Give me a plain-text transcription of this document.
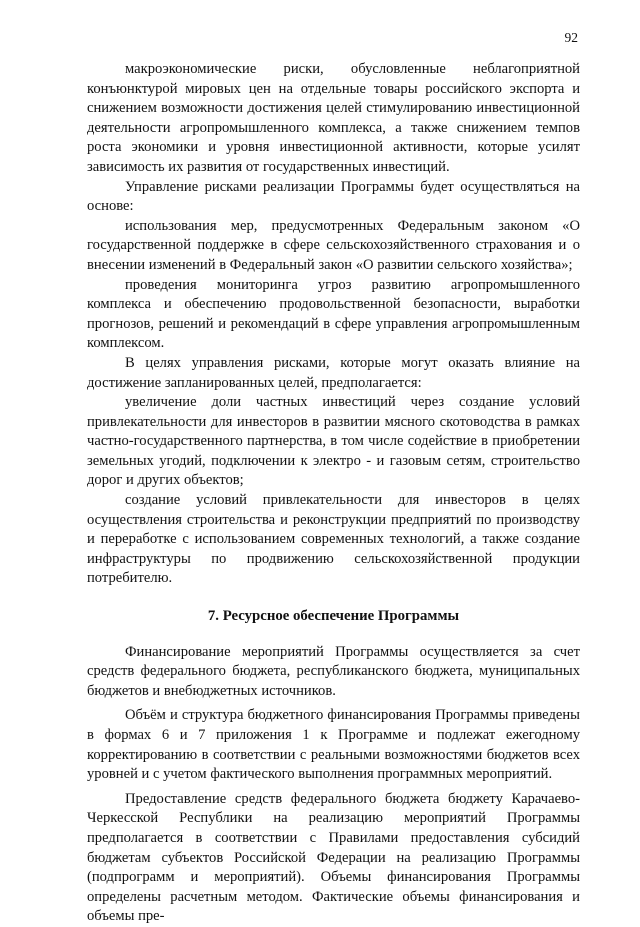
92

макроэкономические риски, обусловленные неблагоприятной конъюнктурой мировых цен на отдельные товары российского экспорта и снижением возможности достижения целей стимулированию инвестиционной деятельности агропромышленного комплекса, а также снижением темпов роста экономики и уровня инвестиционной активности, которые усилят зависимость их развития от государственных инвестиций.

Управление рисками реализации Программы будет осуществляться на основе:

использования мер, предусмотренных Федеральным законом «О государственной поддержке в сфере сельскохозяйственного страхования и о внесении изменений в Федеральный закон «О развитии сельского хозяйства»;

проведения мониторинга угроз развитию агропромышленного комплекса и обеспечению продовольственной безопасности, выработки прогнозов, решений и рекомендаций в сфере управления агропромышленным комплексом.

В целях управления рисками, которые могут оказать влияние на достижение запланированных целей, предполагается:

увеличение доли частных инвестиций через создание условий привлекательности для инвесторов в развитии мясного скотоводства в рамках частно-государственного партнерства, в том числе содействие в приобретении земельных угодий, подключении к электро - и газовым сетям, строительство дорог и других объектов;

создание условий привлекательности для инвесторов в целях осуществления строительства и реконструкции предприятий по производству и переработке с использованием современных технологий, а также создание инфраструктуры по продвижению сельскохозяйственной продукции потребителю.

7. Ресурсное обеспечение Программы

Финансирование мероприятий Программы осуществляется за счет средств федерального бюджета, республиканского бюджета, муниципальных бюджетов и внебюджетных источников.

Объём и структура бюджетного финансирования Программы приведены в формах 6 и 7 приложения 1 к Программе и подлежат ежегодному корректированию в соответствии с реальными возможностями бюджетов всех уровней и с учетом фактического выполнения программных мероприятий.

Предоставление средств федерального бюджета бюджету Карачаево-Черкесской Республики на реализацию мероприятий Программы предполагается в соответствии с Правилами предоставления субсидий бюджетам субъектов Российской Федерации на реализацию Программы (подпрограмм и мероприятий). Объемы финансирования Программы определены расчетным методом. Фактические объемы финансирования и объемы пре-
